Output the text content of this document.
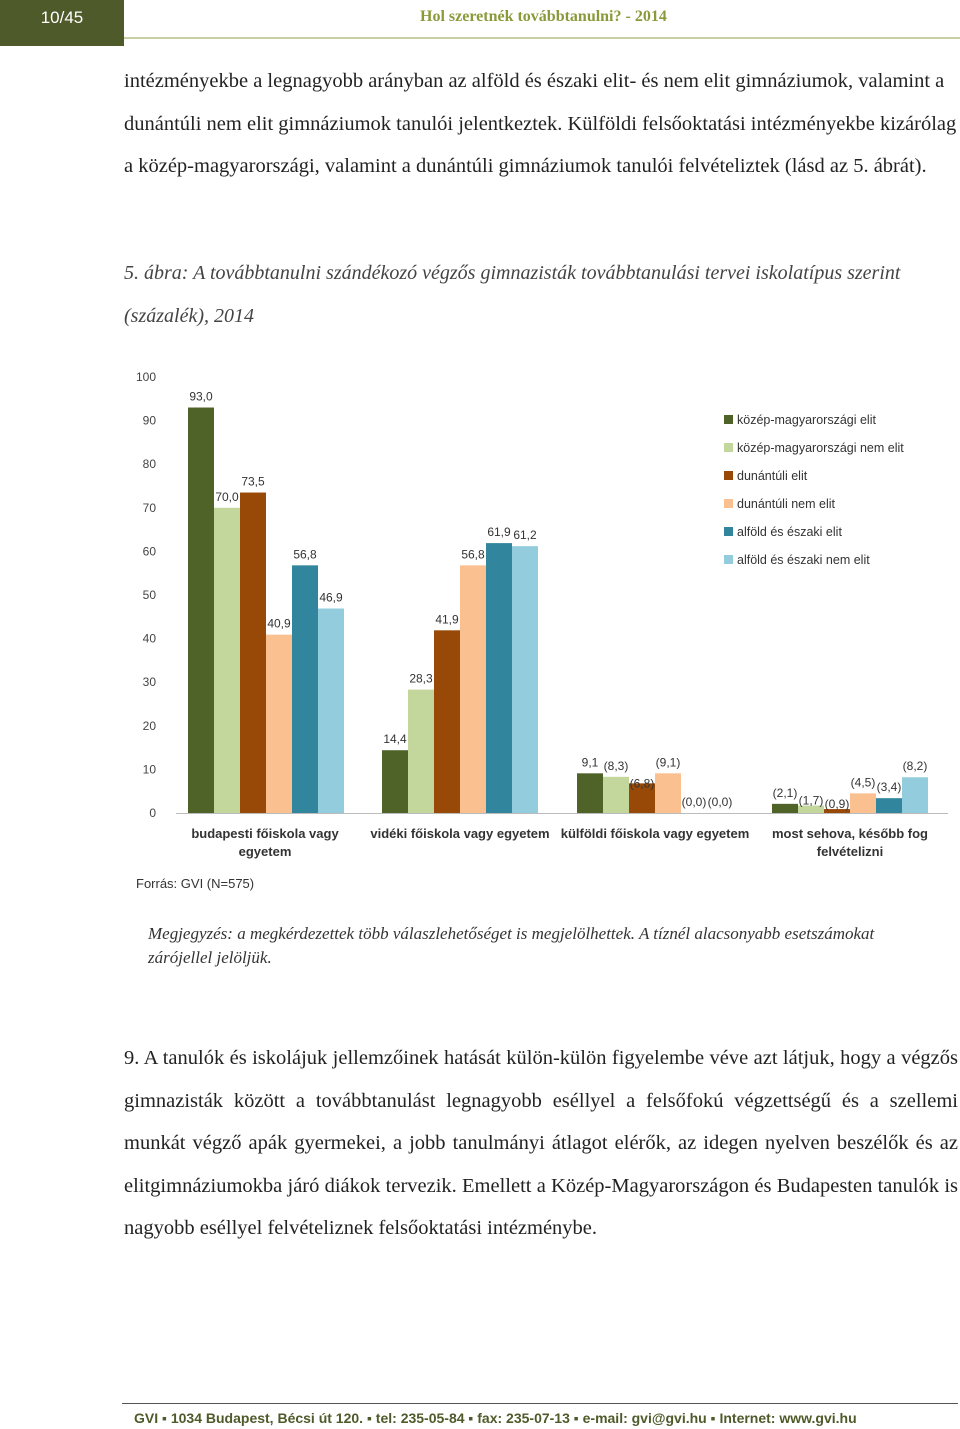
10/45	Hol szeretnék továbbtanulni? - 2014

intézményekbe a legnagyobb arányban az alföld és északi elit- és nem elit gimnáziumok, valamint a dunántúli nem elit gimnáziumok tanulói jelentkeztek. Külföldi felsőoktatási intézményekbe kizárólag a közép-magyarországi, valamint a dunántúli gimnáziumok tanulói felvételiztek (lásd az 5. ábrát).

5. ábra: A továbbtanulni szándékozó végzős gimnazisták továbbtanulási tervei iskolatípus szerint (százalék), 2014

0
10
20
30
40
50
60
70
80
90
100
93,0
70,0
73,5
40,9
56,8
46,9
budapesti főiskola vagy
egyetem
14,4
28,3
41,9
56,8
61,9 61,2
vidéki főiskola vagy egyetem
9,1 (8,3)
(6,8)
(9,1)
(0,0) (0,0)
külföldi főiskola vagy egyetem
(2,1)
(1,7) (0,9)
(4,5) (3,4)
(8,2)
most sehova, később fog
felvételizni
közép-magyarországi elit
közép-magyarországi nem elit
dunántúli elit
dunántúli nem elit
alföld és északi elit
alföld és északi nem elit
Forrás: GVI (N=575)

Megjegyzés: a megkérdezettek több válaszlehetőséget is megjelölhettek. A tíznél alacsonyabb esetszámokat zárójellel jelöljük.

9. A tanulók és iskolájuk jellemzőinek hatását külön-külön figyelembe véve azt látjuk, hogy a végzős gimnazisták között a továbbtanulást legnagyobb eséllyel a felsőfokú végzettségű és a szellemi munkát végző apák gyermekei, a jobb tanulmányi átlagot elérők, az idegen nyelven beszélők és az elitgimnáziumokba járó diákok tervezik. Emellett a Közép-Magyarországon és Budapesten tanulók is nagyobb eséllyel felvételiznek felsőoktatási intézménybe.

GVI ▪ 1034 Budapest, Bécsi út 120. ▪ tel: 235-05-84 ▪ fax: 235-07-13 ▪ e-mail: gvi@gvi.hu ▪ Internet: www.gvi.hu
